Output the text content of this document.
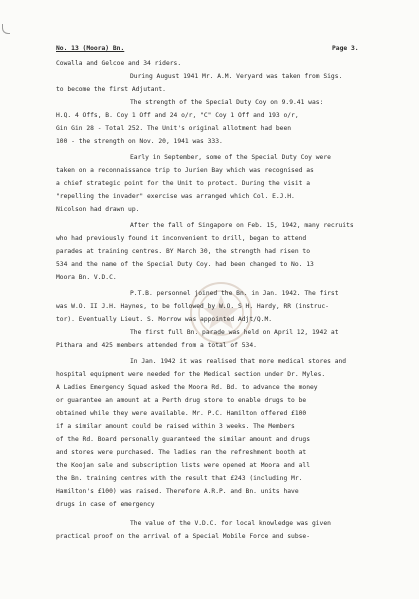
No. 13 (Moora) Bn.	Page 3.
Cowalla and Gelcoe and 34 riders.
During August 1941 Mr. A.M. Veryard was taken from Sigs.
to become the first Adjutant.
The strength of the Special Duty Coy on 9.9.41 was:
H.Q. 4 Offs, B. Coy 1 Off and 24 o/r, "C" Coy 1 Off and 193 o/r,
Gin Gin 28 - Total 252. The Unit's original allotment had been
100 - the strength on Nov. 20, 1941 was 333.
Early in September, some of the Special Duty Coy were
taken on a reconnaissance trip to Jurien Bay which was recognised as
a chief strategic point for the Unit to protect. During the visit a
"repelling the invader" exercise was arranged which Col. E.J.H.
Nicolson had drawn up.
After the fall of Singapore on Feb. 15, 1942, many recruits
who had previously found it inconvenient to drill, began to attend
parades at training centres. BY March 30, the strength had risen to
534 and the name of the Special Duty Coy. had been changed to No. 13
Moora Bn. V.D.C.
P.T.B. personnel joined the Bn. in Jan. 1942. The first
was W.O. II J.H. Haynes, to be followed by W.O. S H. Hardy, RR (instruc-
tor). Eventually Lieut. S. Morrow was appointed Adjt/Q.M.
The first full Bn. parade was held on April 12, 1942 at
Pithara and 425 members attended from a total of 534.
In Jan. 1942 it was realised that more medical stores and
hospital equipment were needed for the Medical section under Dr. Myles.
A Ladies Emergency Squad asked the Moora Rd. Bd. to advance the money
or guarantee an amount at a Perth drug store to enable drugs to be
obtained while they were available. Mr. P.C. Hamilton offered £100
if a similar amount could be raised within 3 weeks. The Members
of the Rd. Board personally guaranteed the similar amount and drugs
and stores were purchased. The ladies ran the refreshment booth at
the Koojan sale and subscription lists were opened at Moora and all
the Bn. training centres with the result that £243 (including Mr.
Hamilton's £100) was raised. Therefore A.R.P. and Bn. units have
drugs in case of emergency
The value of the V.D.C. for local knowledge was given
practical proof on the arrival of a Special Mobile Force and subse-
